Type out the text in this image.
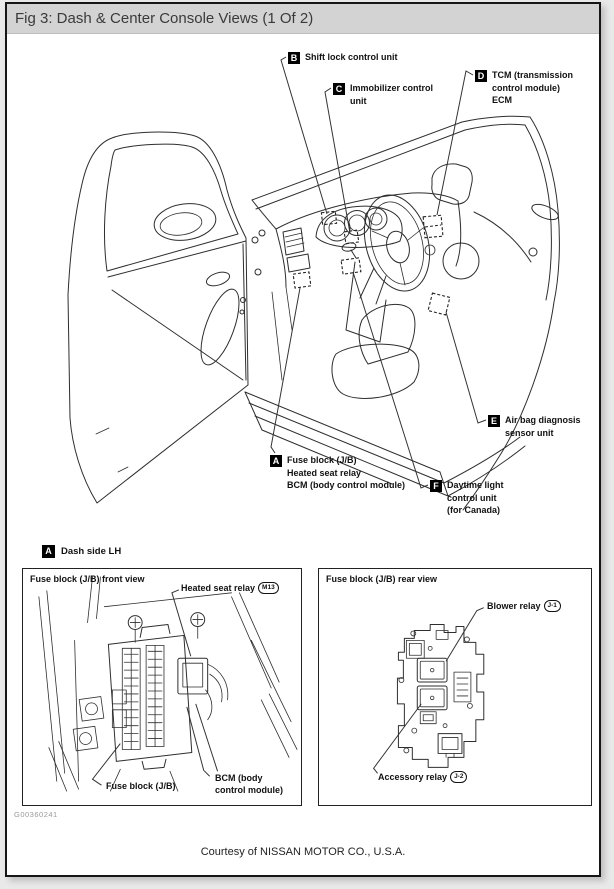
Fig 3: Dash & Center Console Views (1 Of 2)
B Shift lock control unit
C Immobilizer control
unit
D TCM (transmission
control module)
ECM
E Air bag diagnosis
sensor unit
A Fuse block (J/B)
Heated seat relay
BCM (body control module)	F Daytime light
control unit
(for Canada)
A Dash side LH
Fuse block (J/B) front view
Heated seat relay	M13
Fuse block (J/B)
BCM (body
control module)
Fuse block (J/B) rear view
Blower relay	J-1
Accessory relay	J-2
G00360241
Courtesy of NISSAN MOTOR CO., U.S.A.
